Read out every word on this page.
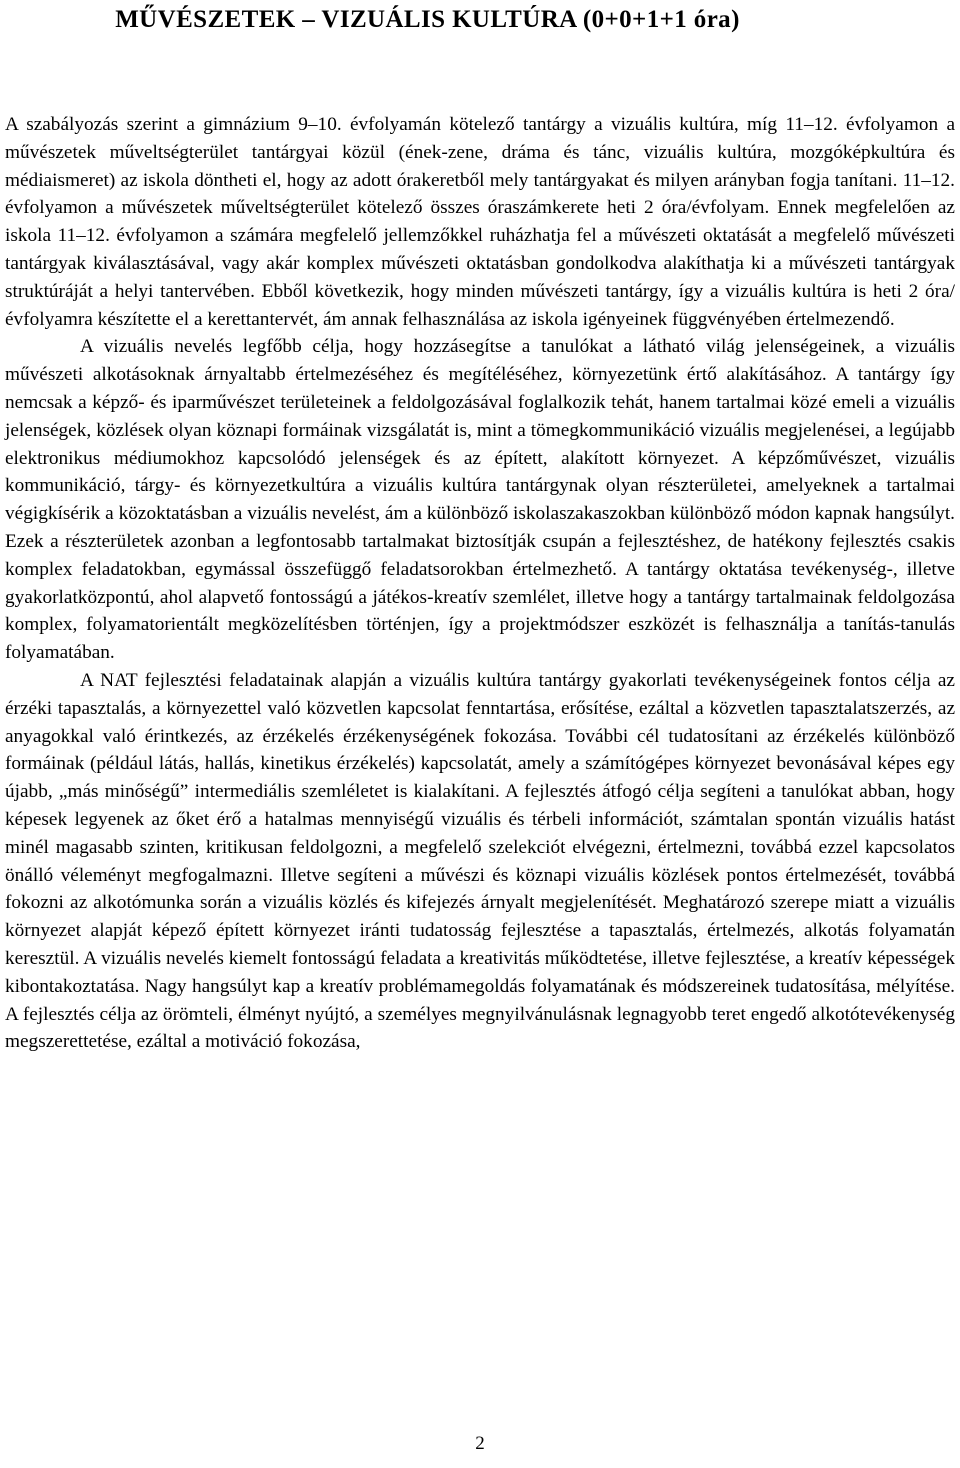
MŰVÉSZETEK – VIZUÁLIS KULTÚRA (0+0+1+1 óra)

A szabályozás szerint a gimnázium 9–10. évfolyamán kötelező tantárgy a vizuális kultúra, míg 11–12. évfolyamon a művészetek műveltségterület tantárgyai közül (ének-zene, dráma és tánc, vizuális kultúra, mozgóképkultúra és médiaismeret) az iskola döntheti el, hogy az adott órakeretből mely tantárgyakat és milyen arányban fogja tanítani. 11–12. évfolyamon a művészetek műveltségterület kötelező összes óraszámkerete heti 2 óra/évfolyam. Ennek megfelelően az iskola 11–12. évfolyamon a számára megfelelő jellemzőkkel ruházhatja fel a művészeti oktatását a megfelelő művészeti tantárgyak kiválasztásával, vagy akár komplex művészeti oktatásban gondolkodva alakíthatja ki a művészeti tantárgyak struktúráját a helyi tantervében. Ebből következik, hogy minden művészeti tantárgy, így a vizuális kultúra is heti 2 óra/évfolyamra készítette el a kerettantervét, ám annak felhasználása az iskola igényeinek függvényében értelmezendő.

A vizuális nevelés legfőbb célja, hogy hozzásegítse a tanulókat a látható világ jelenségeinek, a vizuális művészeti alkotásoknak árnyaltabb értelmezéséhez és megítéléséhez, környezetünk értő alakításához. A tantárgy így nemcsak a képző- és iparművészet területeinek a feldolgozásával foglalkozik tehát, hanem tartalmai közé emeli a vizuális jelenségek, közlések olyan köznapi formáinak vizsgálatát is, mint a tömegkommunikáció vizuális megjelenései, a legújabb elektronikus médiumokhoz kapcsolódó jelenségek és az épített, alakított környezet. A képzőművészet, vizuális kommunikáció, tárgy- és környezetkultúra a vizuális kultúra tantárgynak olyan részterületei, amelyeknek a tartalmai végigkísérik a közoktatásban a vizuális nevelést, ám a különböző iskolaszakaszokban különböző módon kapnak hangsúlyt. Ezek a részterületek azonban a legfontosabb tartalmakat biztosítják csupán a fejlesztéshez, de hatékony fejlesztés csakis komplex feladatokban, egymással összefüggő feladatsorokban értelmezhető. A tantárgy oktatása tevékenység-, illetve gyakorlatközpontú, ahol alapvető fontosságú a játékos-kreatív szemlélet, illetve hogy a tantárgy tartalmainak feldolgozása komplex, folyamatorientált megközelítésben történjen, így a projektmódszer eszközét is felhasználja a tanítás-tanulás folyamatában.

A NAT fejlesztési feladatainak alapján a vizuális kultúra tantárgy gyakorlati tevékenységeinek fontos célja az érzéki tapasztalás, a környezettel való közvetlen kapcsolat fenntartása, erősítése, ezáltal a közvetlen tapasztalatszerzés, az anyagokkal való érintkezés, az érzékelés érzékenységének fokozása. További cél tudatosítani az érzékelés különböző formáinak (például látás, hallás, kinetikus érzékelés) kapcsolatát, amely a számítógépes környezet bevonásával képes egy újabb, „más minőségű” intermediális szemléletet is kialakítani. A fejlesztés átfogó célja segíteni a tanulókat abban, hogy képesek legyenek az őket érő a hatalmas mennyiségű vizuális és térbeli információt, számtalan spontán vizuális hatást minél magasabb szinten, kritikusan feldolgozni, a megfelelő szelekciót elvégezni, értelmezni, továbbá ezzel kapcsolatos önálló véleményt megfogalmazni. Illetve segíteni a művészi és köznapi vizuális közlések pontos értelmezését, továbbá fokozni az alkotómunka során a vizuális közlés és kifejezés árnyalt megjelenítését. Meghatározó szerepe miatt a vizuális környezet alapját képező épített környezet iránti tudatosság fejlesztése a tapasztalás, értelmezés, alkotás folyamatán keresztül. A vizuális nevelés kiemelt fontosságú feladata a kreativitás működtetése, illetve fejlesztése, a kreatív képességek kibontakoztatása. Nagy hangsúlyt kap a kreatív problémamegoldás folyamatának és módszereinek tudatosítása, mélyítése. A fejlesztés célja az örömteli, élményt nyújtó, a személyes megnyilvánulásnak legnagyobb teret engedő alkotótevékenység megszerettetése, ezáltal a motiváció fokozása,

2
